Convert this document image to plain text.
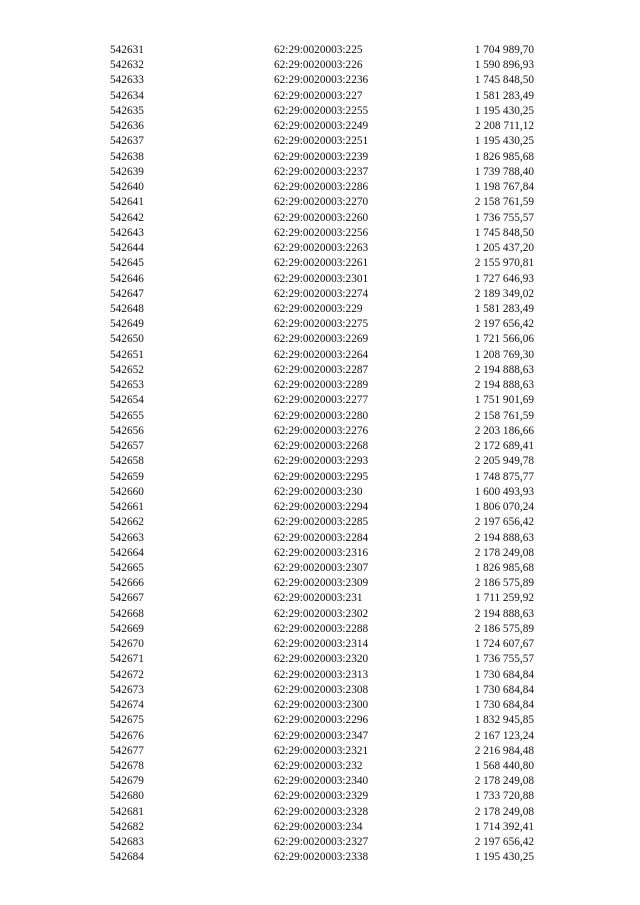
542631	62:29:0020003:225	1 704 989,70
542632	62:29:0020003:226	1 590 896,93
542633	62:29:0020003:2236	1 745 848,50
542634	62:29:0020003:227	1 581 283,49
542635	62:29:0020003:2255	1 195 430,25
542636	62:29:0020003:2249	2 208 711,12
542637	62:29:0020003:2251	1 195 430,25
542638	62:29:0020003:2239	1 826 985,68
542639	62:29:0020003:2237	1 739 788,40
542640	62:29:0020003:2286	1 198 767,84
542641	62:29:0020003:2270	2 158 761,59
542642	62:29:0020003:2260	1 736 755,57
542643	62:29:0020003:2256	1 745 848,50
542644	62:29:0020003:2263	1 205 437,20
542645	62:29:0020003:2261	2 155 970,81
542646	62:29:0020003:2301	1 727 646,93
542647	62:29:0020003:2274	2 189 349,02
542648	62:29:0020003:229	1 581 283,49
542649	62:29:0020003:2275	2 197 656,42
542650	62:29:0020003:2269	1 721 566,06
542651	62:29:0020003:2264	1 208 769,30
542652	62:29:0020003:2287	2 194 888,63
542653	62:29:0020003:2289	2 194 888,63
542654	62:29:0020003:2277	1 751 901,69
542655	62:29:0020003:2280	2 158 761,59
542656	62:29:0020003:2276	2 203 186,66
542657	62:29:0020003:2268	2 172 689,41
542658	62:29:0020003:2293	2 205 949,78
542659	62:29:0020003:2295	1 748 875,77
542660	62:29:0020003:230	1 600 493,93
542661	62:29:0020003:2294	1 806 070,24
542662	62:29:0020003:2285	2 197 656,42
542663	62:29:0020003:2284	2 194 888,63
542664	62:29:0020003:2316	2 178 249,08
542665	62:29:0020003:2307	1 826 985,68
542666	62:29:0020003:2309	2 186 575,89
542667	62:29:0020003:231	1 711 259,92
542668	62:29:0020003:2302	2 194 888,63
542669	62:29:0020003:2288	2 186 575,89
542670	62:29:0020003:2314	1 724 607,67
542671	62:29:0020003:2320	1 736 755,57
542672	62:29:0020003:2313	1 730 684,84
542673	62:29:0020003:2308	1 730 684,84
542674	62:29:0020003:2300	1 730 684,84
542675	62:29:0020003:2296	1 832 945,85
542676	62:29:0020003:2347	2 167 123,24
542677	62:29:0020003:2321	2 216 984,48
542678	62:29:0020003:232	1 568 440,80
542679	62:29:0020003:2340	2 178 249,08
542680	62:29:0020003:2329	1 733 720,88
542681	62:29:0020003:2328	2 178 249,08
542682	62:29:0020003:234	1 714 392,41
542683	62:29:0020003:2327	2 197 656,42
542684	62:29:0020003:2338	1 195 430,25
